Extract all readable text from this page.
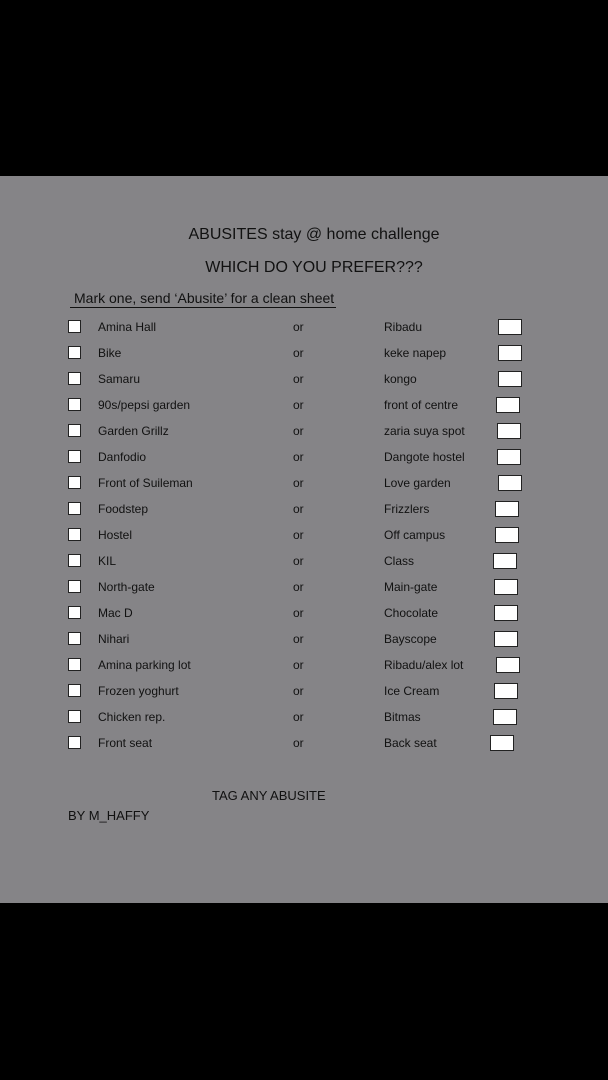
ABUSITES stay @ home challenge
WHICH DO YOU PREFER???
Mark one, send ‘Abusite’ for a clean sheet
Amina Hall	or	Ribadu
Bike	or	keke napep
Samaru	or	kongo
90s/pepsi garden	or	front of centre
Garden Grillz	or	zaria suya spot
Danfodio	or	Dangote hostel
Front of Suileman	or	Love garden
Foodstep	or	Frizzlers
Hostel	or	Off campus
KIL	or	Class
North-gate	or	Main-gate
Mac D	or	Chocolate
Nihari	or	Bayscope
Amina parking lot	or	Ribadu/alex lot
Frozen yoghurt	or	Ice Cream
Chicken rep.	or	Bitmas
Front seat	or	Back seat
TAG ANY ABUSITE
BY M_HAFFY
